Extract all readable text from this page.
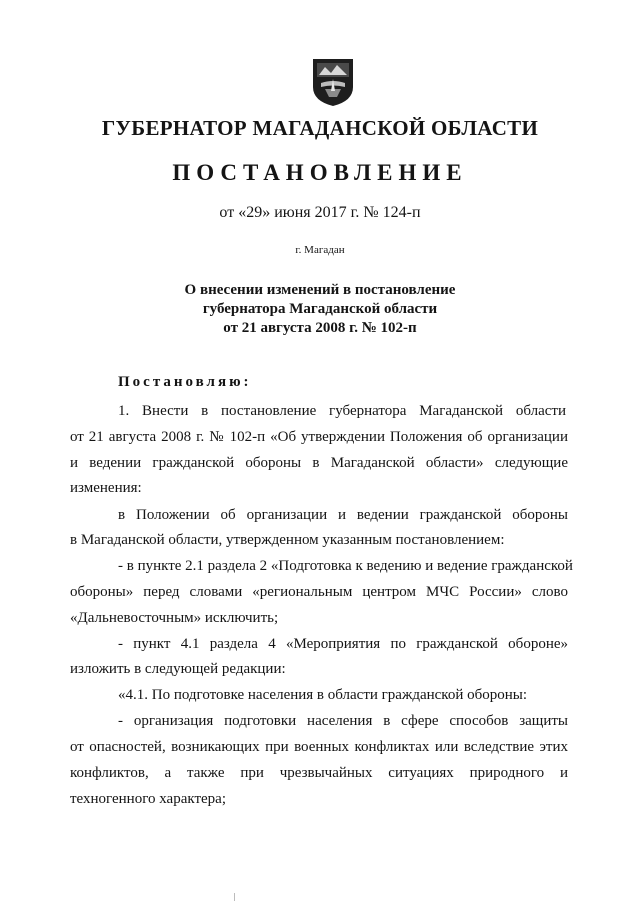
ГУБЕРНАТОР МАГАДАНСКОЙ ОБЛАСТИ
ПОСТАНОВЛЕНИЕ
от «29» июня 2017 г. № 124-п
г. Магадан
О внесении изменений в постановление
губернатора Магаданской области
от 21 августа 2008 г. № 102-п
Постановляю:
1. Внести в постановление губернатора Магаданской области
от 21 августа 2008 г. № 102-п «Об утверждении Положения об организации
и ведении гражданской обороны в Магаданской области» следующие
изменения:
в Положении об организации и ведении гражданской обороны
в Магаданской области, утвержденном указанным постановлением:
- в пункте 2.1 раздела 2 «Подготовка к ведению и ведение гражданской
обороны» перед словами «региональным центром МЧС России» слово
«Дальневосточным» исключить;
- пункт 4.1 раздела 4 «Мероприятия по гражданской обороне»
изложить в следующей редакции:
«4.1. По подготовке населения в области гражданской обороны:
- организация подготовки населения в сфере способов защиты
от опасностей, возникающих при военных конфликтах или вследствие этих
конфликтов, а также при чрезвычайных ситуациях природного и
техногенного характера;
